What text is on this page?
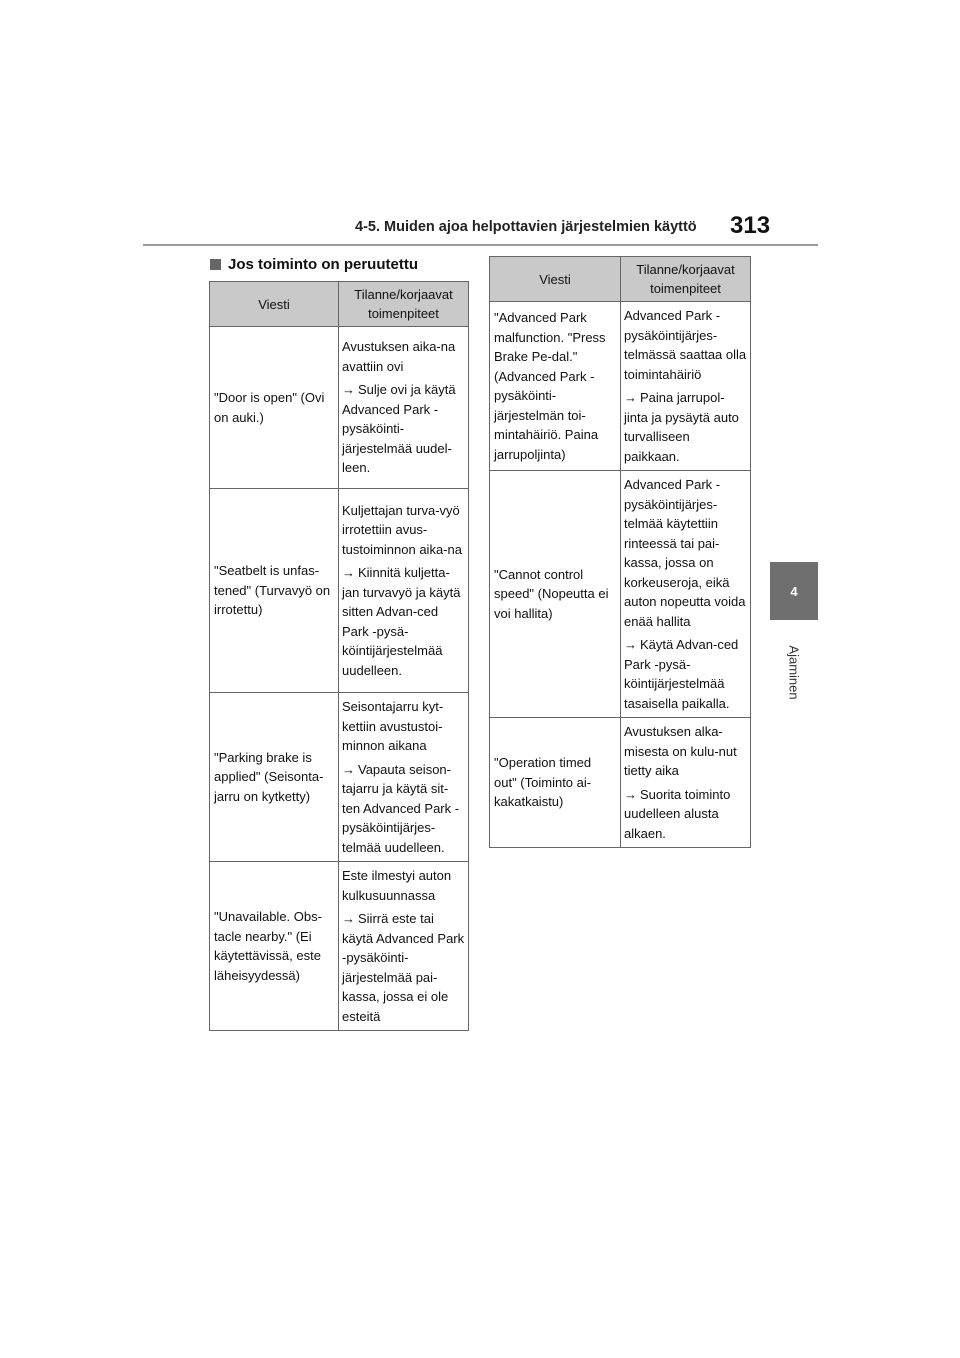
4-5. Muiden ajoa helpottavien järjestelmien käyttö 313
4
Ajaminen
Jos toiminto on peruutettu
Viesti	Tilanne/korjaavat toimenpiteet
"Door is open" (Ovi on auki.)	Avustuksen aika-na avattiin ovi

→ Sulje ovi ja käytä Advanced Park -pysäköinti-järjestelmää uudel-leen.

"Seatbelt is unfas-tened" (Turvavyö on irrotettu)	Kuljettajan turva-vyö irrotettiin avus-tustoiminnon aika-na

→ Kiinnitä kuljetta-jan turvavyö ja käytä sitten Advan-ced Park -pysä-köintijärjestelmää uudelleen.

"Parking brake is applied" (Seisonta-jarru on kytketty)	Seisontajarru kyt-kettiin avustustoi-minnon aikana

→ Vapauta seison-tajarru ja käytä sit-ten Advanced Park -pysäköintijärjes-telmää uudelleen.

"Unavailable. Obs-tacle nearby." (Ei käytettävissä, este läheisyydessä)	Este ilmestyi auton kulkusuunnassa

→ Siirrä este tai käytä Advanced Park -pysäköinti-järjestelmää pai-kassa, jossa ei ole esteitä

Viesti	Tilanne/korjaavat toimenpiteet
"Advanced Park malfunction. "Press Brake Pe-dal." (Advanced Park -pysäköinti-järjestelmän toi-mintahäiriö. Paina jarrupoljinta)	Advanced Park -pysäköintijärjes-telmässä saattaa olla toimintahäiriö

→ Paina jarrupol-jinta ja pysäytä auto turvalliseen paikkaan.

"Cannot control speed" (Nopeutta ei voi hallita)	Advanced Park -pysäköintijärjes-telmää käytettiin rinteessä tai pai-kassa, jossa on korkeuseroja, eikä auton nopeutta voida enää hallita

→ Käytä Advan-ced Park -pysä-köintijärjestelmää tasaisella paikalla.

"Operation timed out" (Toiminto ai-kakatkaistu)	Avustuksen alka-misesta on kulu-nut tietty aika

→ Suorita toiminto uudelleen alusta alkaen.
